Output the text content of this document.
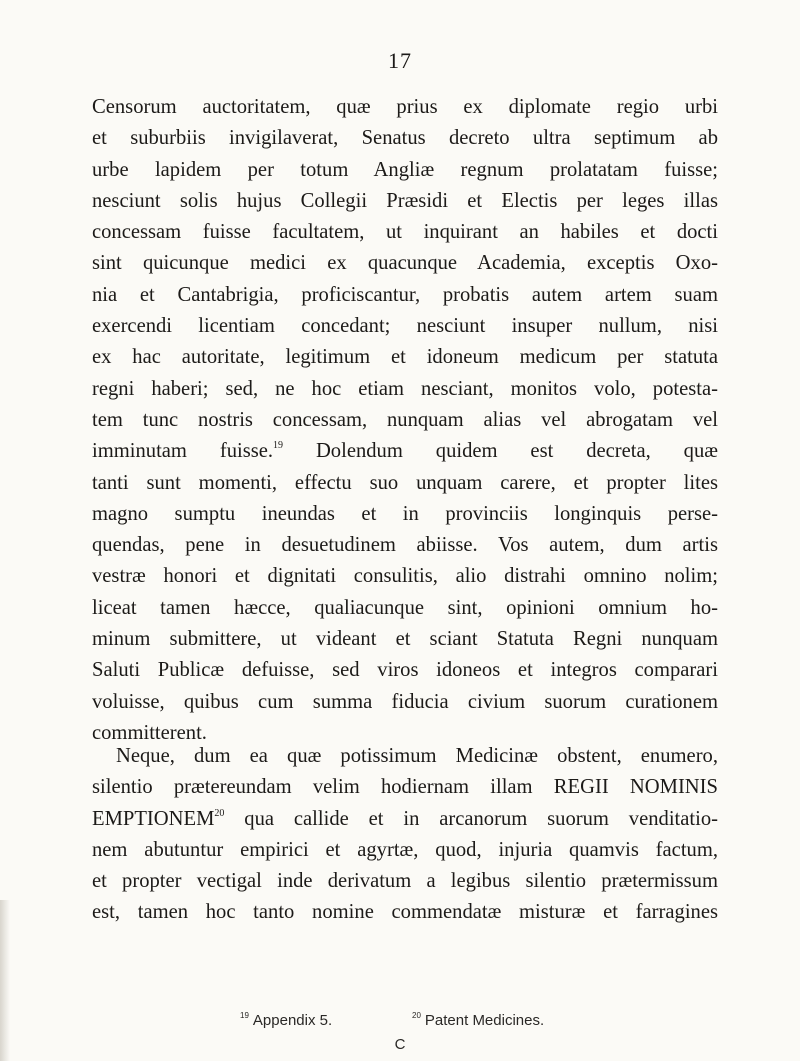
17
Censorum auctoritatem, quæ prius ex diplomate regio urbi
et suburbiis invigilaverat, Senatus decreto ultra septimum ab
urbe lapidem per totum Angliæ regnum prolatatam fuisse;
nesciunt solis hujus Collegii Præsidi et Electis per leges illas
concessam fuisse facultatem, ut inquirant an habiles et docti
sint quicunque medici ex quacunque Academia, exceptis Oxo-
nia et Cantabrigia, proficiscantur, probatis autem artem suam
exercendi licentiam concedant; nesciunt insuper nullum, nisi
ex hac autoritate, legitimum et idoneum medicum per statuta
regni haberi; sed, ne hoc etiam nesciant, monitos volo, potesta-
tem tunc nostris concessam, nunquam alias vel abrogatam vel
imminutam fuisse.$^{19}$ Dolendum quidem est decreta, quæ
tanti sunt momenti, effectu suo unquam carere, et propter lites
magno sumptu ineundas et in provinciis longinquis perse-
quendas, pene in desuetudinem abiisse. Vos autem, dum artis
vestræ honori et dignitati consulitis, alio distrahi omnino nolim;
liceat tamen hæcce, qualiacunque sint, opinioni omnium ho-
minum submittere, ut videant et sciant Statuta Regni nunquam
Saluti Publicæ defuisse, sed viros idoneos et integros comparari
voluisse, quibus cum summa fiducia civium suorum curationem
committerent.
Neque, dum ea quæ potissimum Medicinæ obstent, enumero,
silentio prætereundam velim hodiernam illam REGII NOMINIS
EMPTIONEM$^{20}$ qua callide et in arcanorum suorum venditatio-
nem abutuntur empirici et agyrtæ, quod, injuria quamvis factum,
et propter vectigal inde derivatum a legibus silentio prætermissum
est, tamen hoc tanto nomine commendatæ misturæ et farragines
$^{19}$ Appendix 5.	$^{20}$ Patent Medicines.
C
